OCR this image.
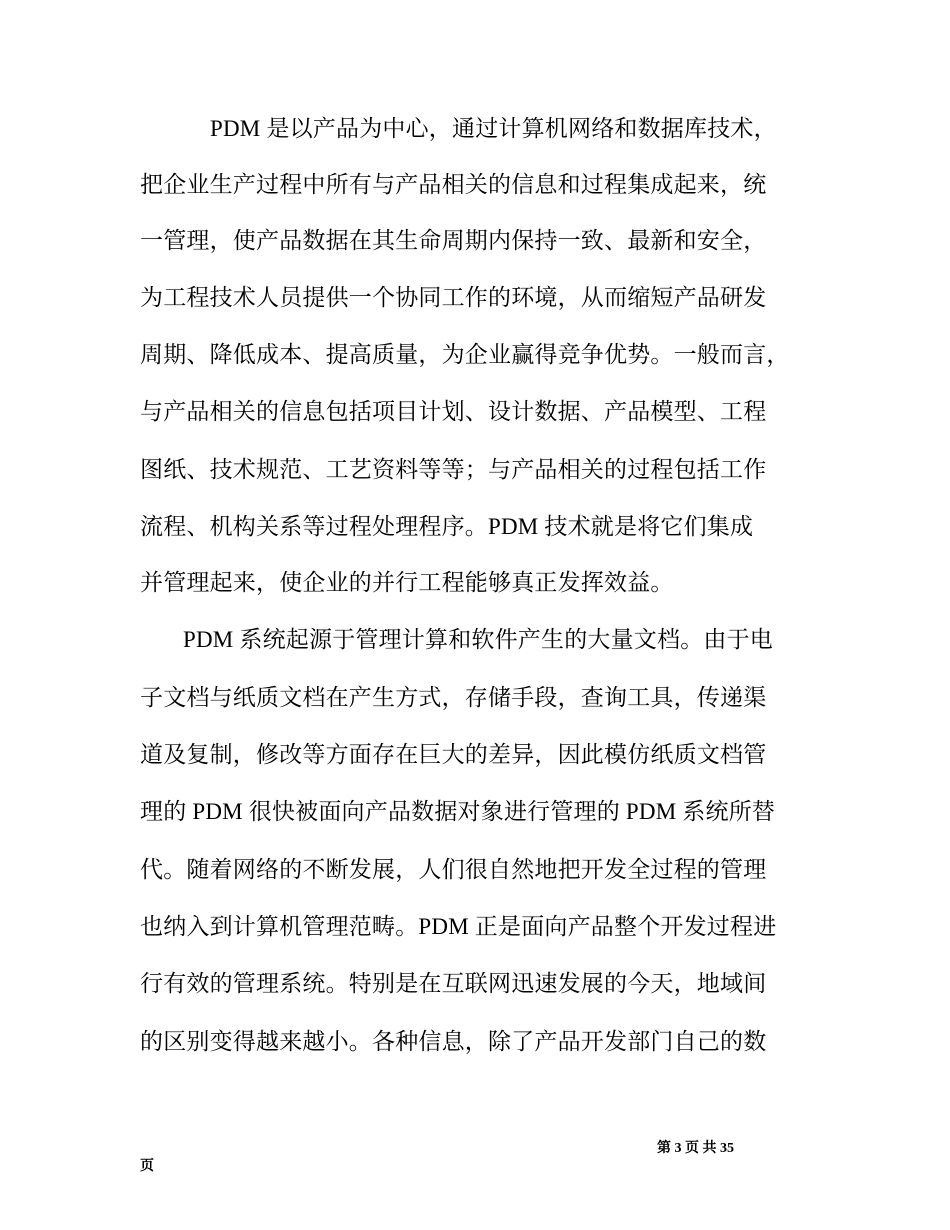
PDM 是以产品为中心，通过计算机网络和数据库技术，
把企业生产过程中所有与产品相关的信息和过程集成起来，统
一管理，使产品数据在其生命周期内保持一致、最新和安全，
为工程技术人员提供一个协同工作的环境，从而缩短产品研发
周期、降低成本、提高质量，为企业赢得竞争优势。一般而言，
与产品相关的信息包括项目计划、设计数据、产品模型、工程
图纸、技术规范、工艺资料等等；与产品相关的过程包括工作
流程、机构关系等过程处理程序。PDM 技术就是将它们集成
并管理起来，使企业的并行工程能够真正发挥效益。
PDM 系统起源于管理计算和软件产生的大量文档。由于电
子文档与纸质文档在产生方式，存储手段，查询工具，传递渠
道及复制，修改等方面存在巨大的差异，因此模仿纸质文档管
理的 PDM 很快被面向产品数据对象进行管理的 PDM 系统所替
代。随着网络的不断发展，人们很自然地把开发全过程的管理
也纳入到计算机管理范畴。PDM 正是面向产品整个开发过程进
行有效的管理系统。特别是在互联网迅速发展的今天，地域间
的区别变得越来越小。各种信息，除了产品开发部门自己的数
第 3 页 共 35
页
